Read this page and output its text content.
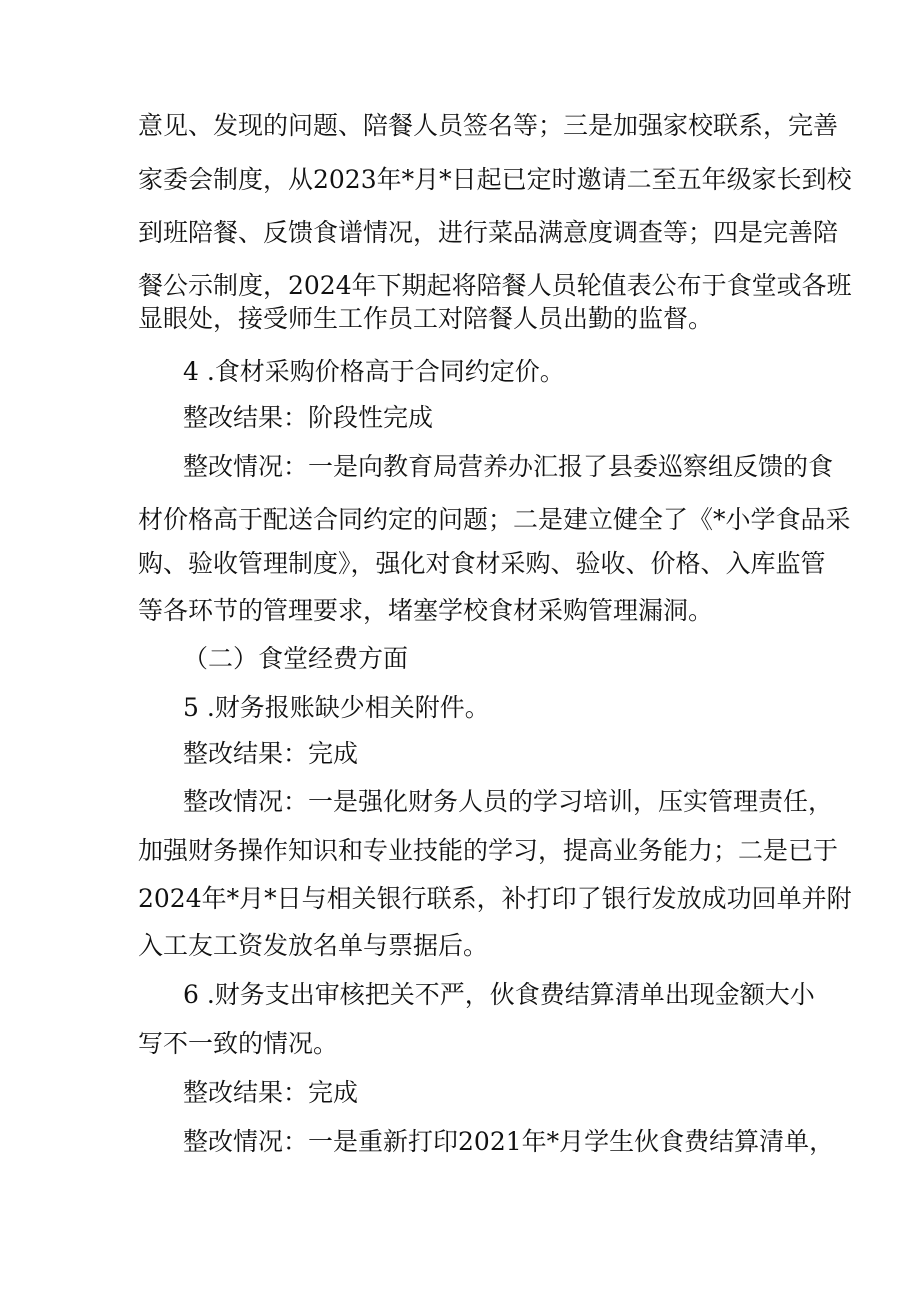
意见、发现的问题、陪餐人员签名等；三是加强家校联系，完善
家委会制度，从2023年*月*日起已定时邀请二至五年级家长到校
到班陪餐、反馈食谱情况，进行菜品满意度调查等；四是完善陪
餐公示制度，2024年下期起将陪餐人员轮值表公布于食堂或各班
显眼处，接受师生工作员工对陪餐人员出勤的监督。
4 .食材采购价格高于合同约定价。
整改结果：阶段性完成
整改情况：一是向教育局营养办汇报了县委巡察组反馈的食
材价格高于配送合同约定的问题；二是建立健全了《*小学食品采
购、验收管理制度》，强化对食材采购、验收、价格、入库监管
等各环节的管理要求，堵塞学校食材采购管理漏洞。
（二）食堂经费方面
5 .财务报账缺少相关附件。
整改结果：完成
整改情况：一是强化财务人员的学习培训，压实管理责任，
加强财务操作知识和专业技能的学习，提高业务能力；二是已于
2024年*月*日与相关银行联系，补打印了银行发放成功回单并附
入工友工资发放名单与票据后。
6 .财务支出审核把关不严，伙食费结算清单出现金额大小
写不一致的情况。
整改结果：完成
整改情况：一是重新打印2021年*月学生伙食费结算清单，
